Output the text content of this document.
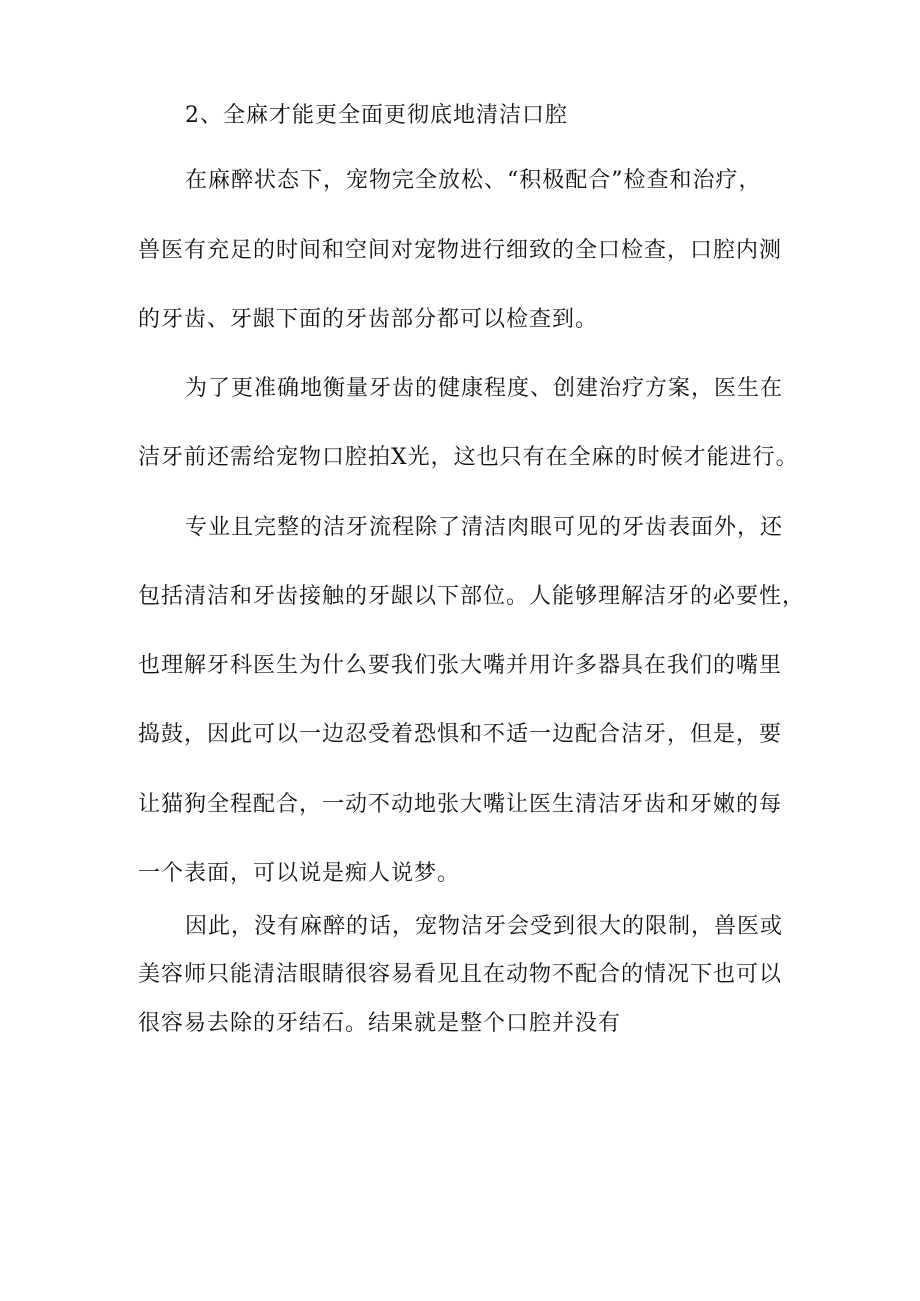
2、全麻才能更全面更彻底地清洁口腔
在麻醉状态下，宠物完全放松、“积极配合”检查和治疗，
兽医有充足的时间和空间对宠物进行细致的全口检查，口腔内测
的牙齿、牙龈下面的牙齿部分都可以检查到。
为了更准确地衡量牙齿的健康程度、创建治疗方案，医生在
洁牙前还需给宠物口腔拍X光，这也只有在全麻的时候才能进行。
专业且完整的洁牙流程除了清洁肉眼可见的牙齿表面外，还
包括清洁和牙齿接触的牙龈以下部位。人能够理解洁牙的必要性，
也理解牙科医生为什么要我们张大嘴并用许多器具在我们的嘴里
捣鼓，因此可以一边忍受着恐惧和不适一边配合洁牙，但是，要
让猫狗全程配合，一动不动地张大嘴让医生清洁牙齿和牙嫩的每
一个表面，可以说是痴人说梦。
因此，没有麻醉的话，宠物洁牙会受到很大的限制，兽医或
美容师只能清洁眼睛很容易看见且在动物不配合的情况下也可以
很容易去除的牙结石。结果就是整个口腔并没有
